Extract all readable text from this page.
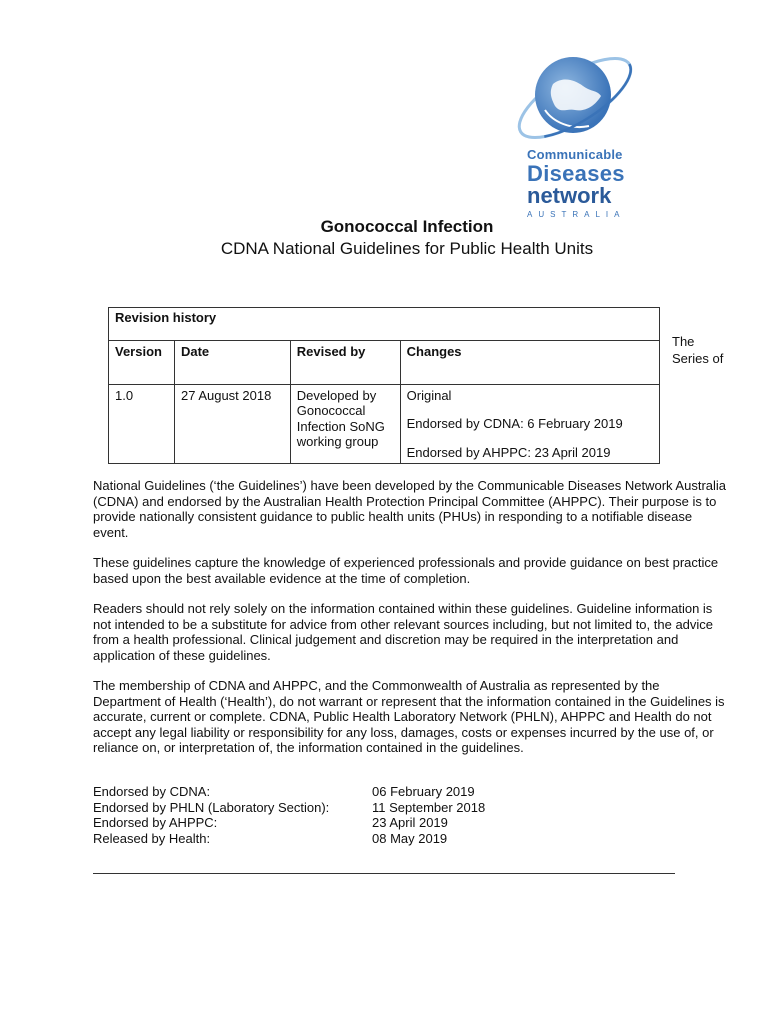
Communicable
Diseases
network
AUSTRALIA
Gonococcal Infection
CDNA National Guidelines for Public Health Units
Revision history			
Version	Date	Revised by	Changes
1.0	27 August 2018	Developed by Gonococcal Infection SoNG working group	Original

Endorsed by CDNA: 6 February 2019

Endorsed by AHPPC: 23 April 2019

The Series of

National Guidelines (‘the Guidelines’) have been developed by the Communicable Diseases Network Australia (CDNA) and endorsed by the Australian Health Protection Principal Committee (AHPPC). Their purpose is to provide nationally consistent guidance to public health units (PHUs) in responding to a notifiable disease event.

These guidelines capture the knowledge of experienced professionals and provide guidance on best practice based upon the best available evidence at the time of completion.

Readers should not rely solely on the information contained within these guidelines. Guideline information is not intended to be a substitute for advice from other relevant sources including, but not limited to, the advice from a health professional. Clinical judgement and discretion may be required in the interpretation and application of these guidelines.

The membership of CDNA and AHPPC, and the Commonwealth of Australia as represented by the Department of Health (‘Health’), do not warrant or represent that the information contained in the Guidelines is accurate, current or complete. CDNA, Public Health Laboratory Network (PHLN), AHPPC and Health do not accept any legal liability or responsibility for any loss, damages, costs or expenses incurred by the use of, or reliance on, or interpretation of, the information contained in the guidelines.

Endorsed by CDNA:	06 February 2019
Endorsed by PHLN (Laboratory Section):	11 September 2018
Endorsed by AHPPC:	23 April 2019
Released by Health:	08 May 2019
